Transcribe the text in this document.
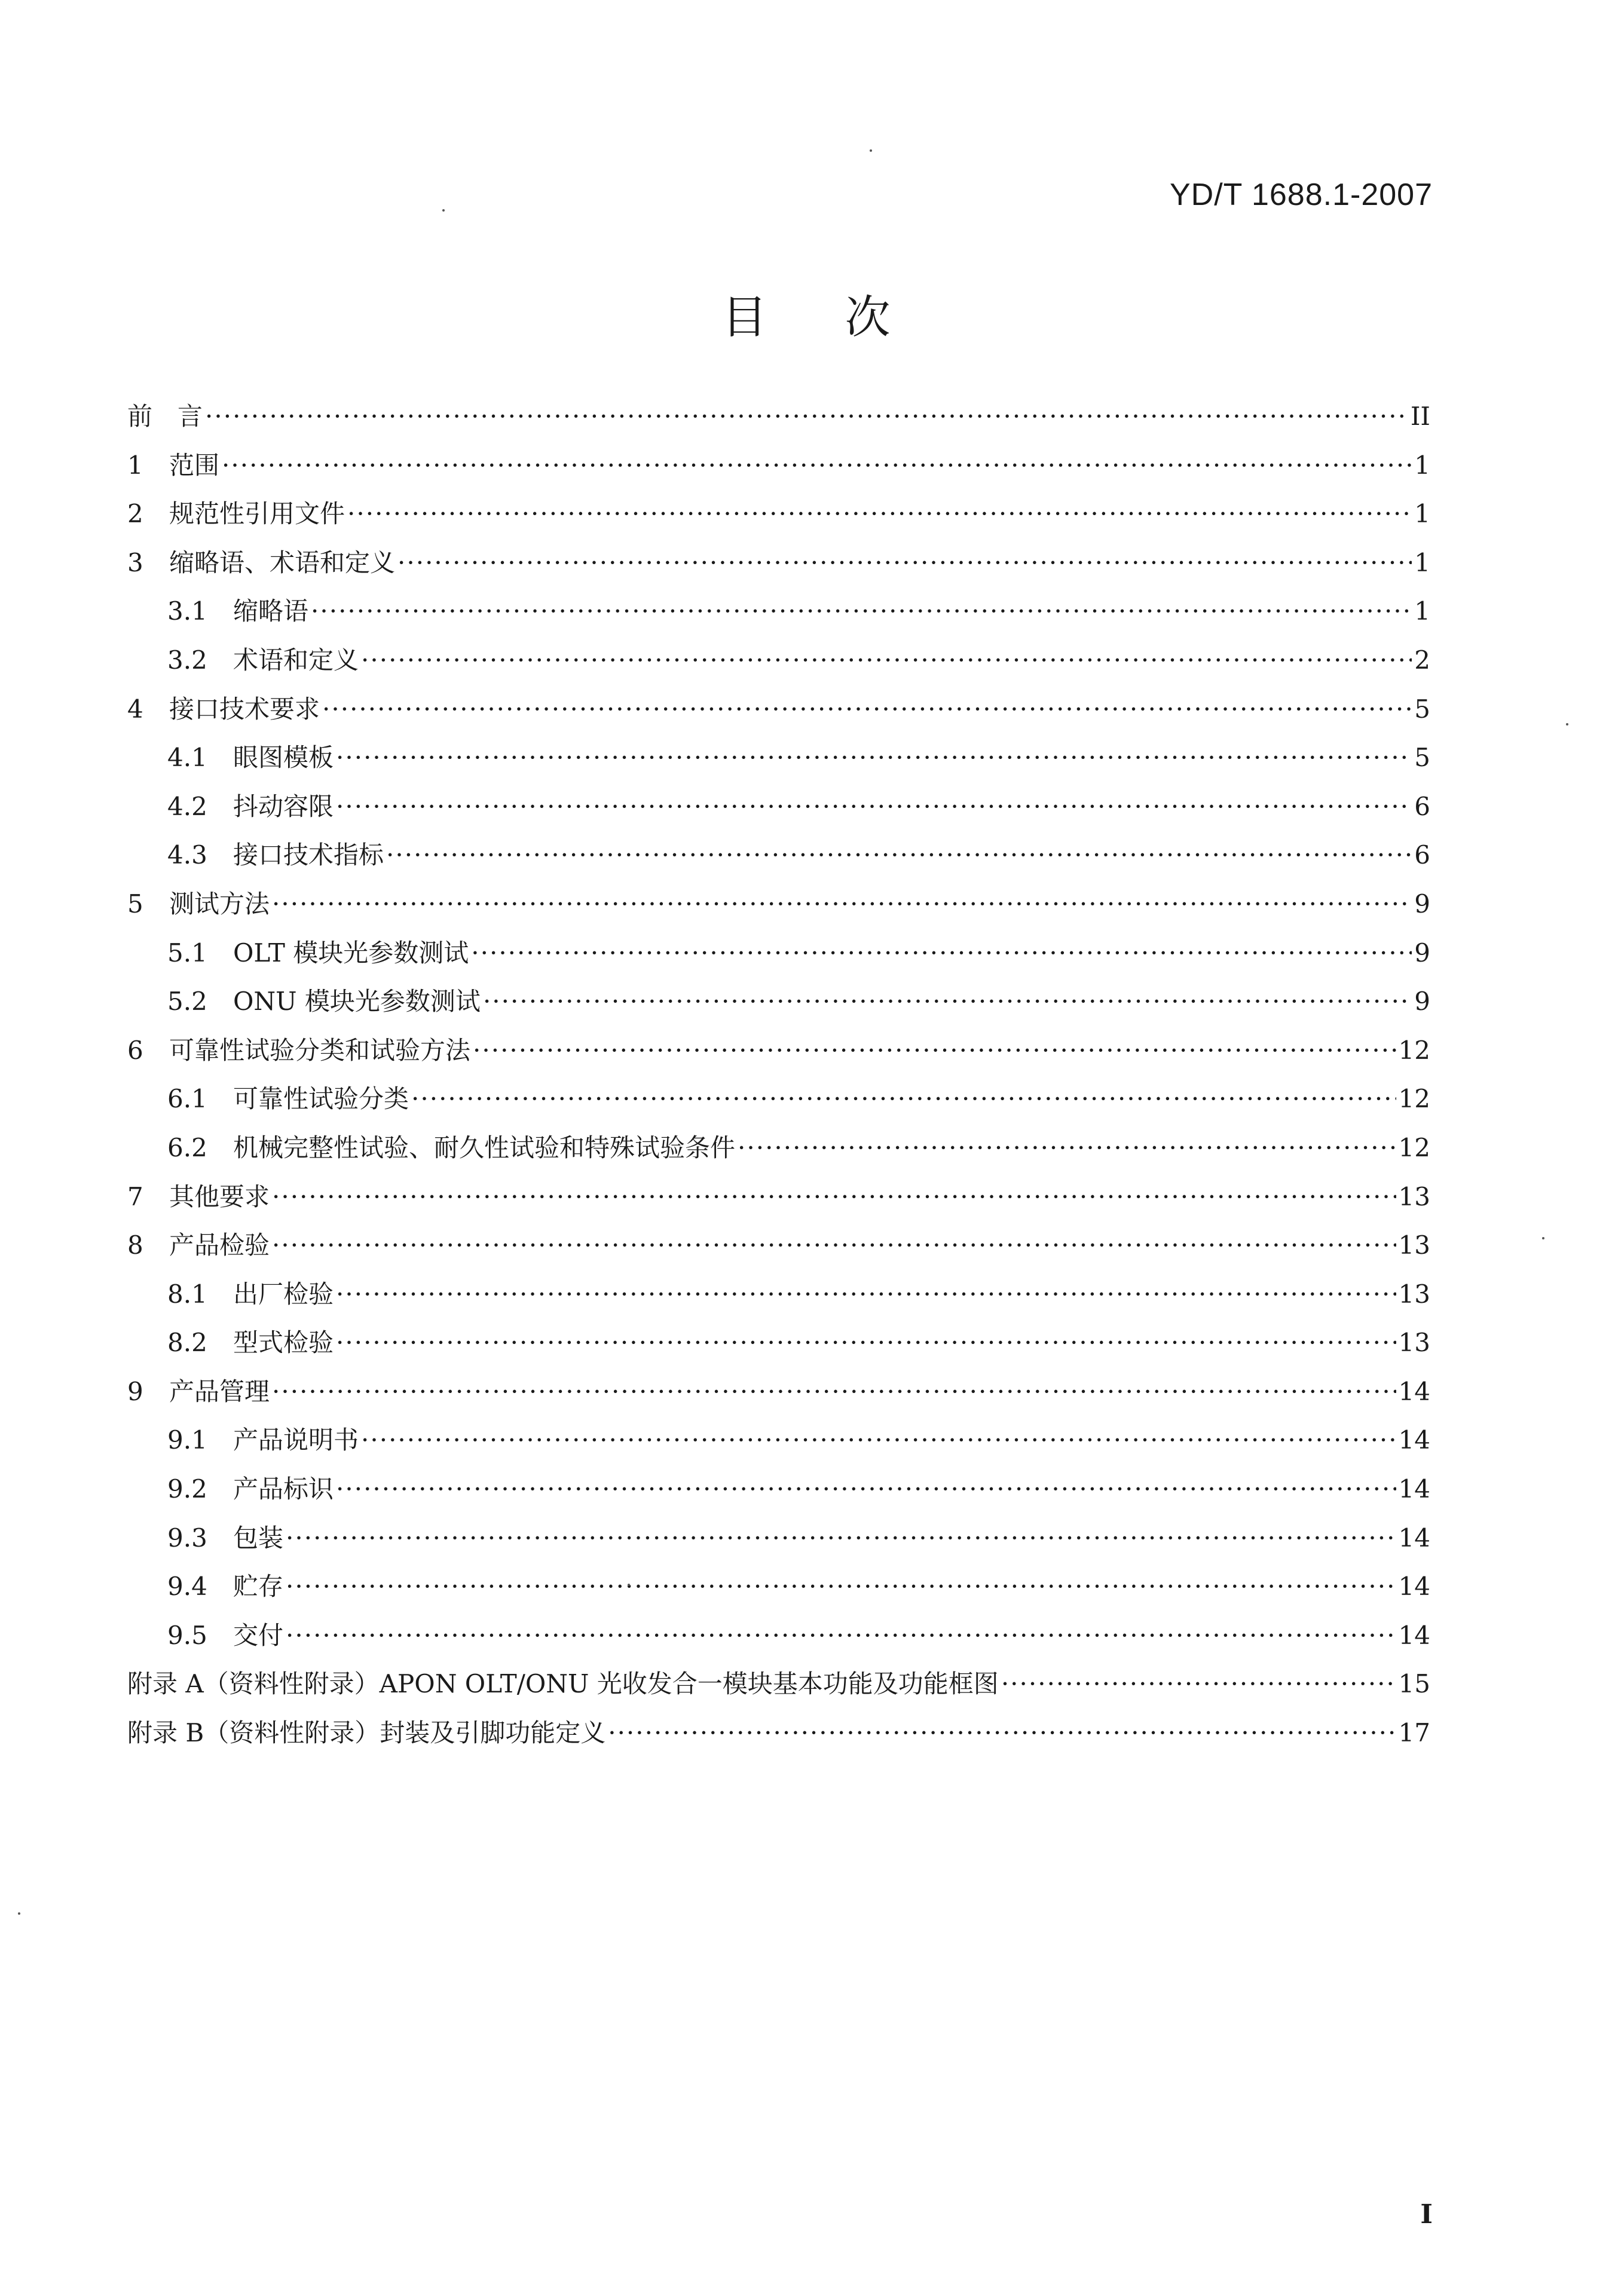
YD/T 1688.1-2007
目次
前　言 ·····	II
1	范围 ·····	1
2	规范性引用文件 ·····	1
3	缩略语、术语和定义 ·····	1
3.1	缩略语 ·····	1
3.2	术语和定义 ·····	2
4	接口技术要求 ·····	5
4.1	眼图模板 ·····	5
4.2	抖动容限 ·····	6
4.3	接口技术指标 ·····	6
5	测试方法 ·····	9
5.1	OLT 模块光参数测试 ·····	9
5.2	ONU 模块光参数测试 ·····	9
6	可靠性试验分类和试验方法 ·····	12
6.1	可靠性试验分类 ·····	12
6.2	机械完整性试验、耐久性试验和特殊试验条件 ·····	12
7	其他要求 ·····	13
8	产品检验 ·····	13
8.1	出厂检验 ·····	13
8.2	型式检验 ·····	13
9	产品管理 ·····	14
9.1	产品说明书 ·····	14
9.2	产品标识 ·····	14
9.3	包装 ·····	14
9.4	贮存 ·····	14
9.5	交付 ·····	14
附录 A（资料性附录）APON OLT/ONU 光收发合一模块基本功能及功能框图 ·····	15
附录 B（资料性附录）封装及引脚功能定义 ·····	17
I
